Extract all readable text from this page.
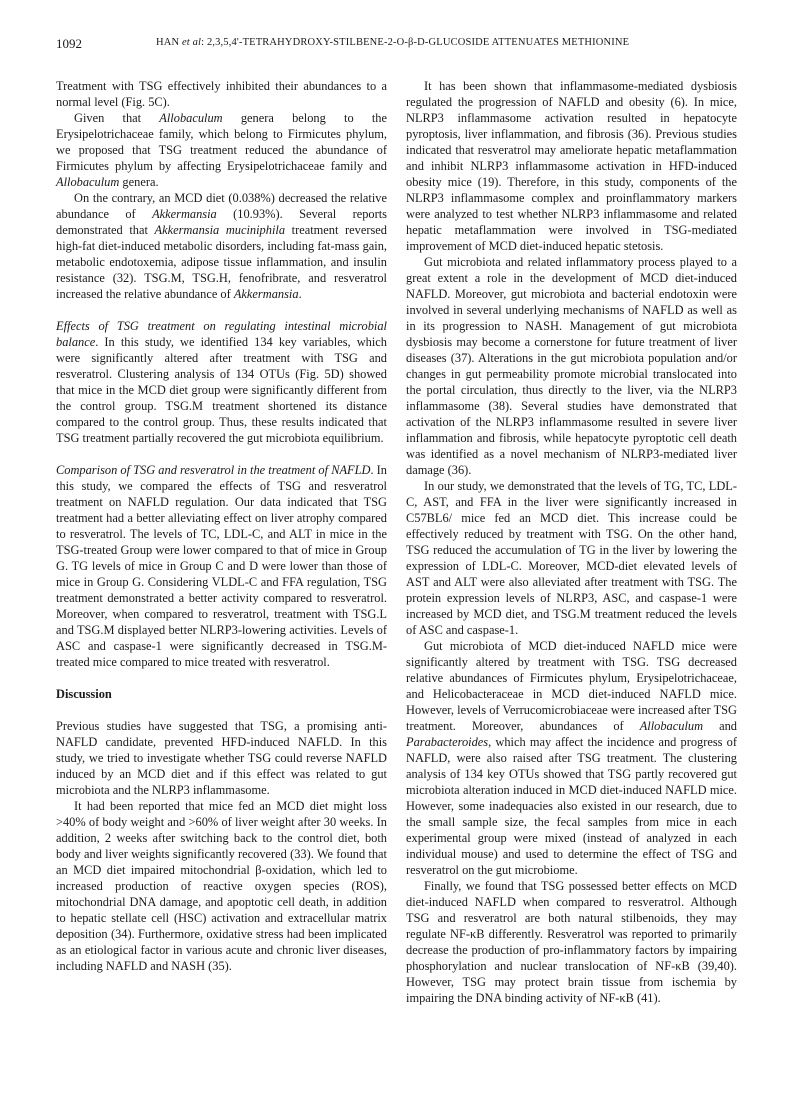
1092	HAN et al: 2,3,5,4'-TETRAHYDROXY-STILBENE-2-O-β-D-GLUCOSIDE ATTENUATES METHIONINE

Treatment with TSG effectively inhibited their abundances to a normal level (Fig. 5C).

Given that Allobaculum genera belong to the Erysipelotrichaceae family, which belong to Firmicutes phylum, we proposed that TSG treatment reduced the abundance of Firmicutes phylum by affecting Erysipelotrichaceae family and Allobaculum genera.

On the contrary, an MCD diet (0.038%) decreased the relative abundance of Akkermansia (10.93%). Several reports demonstrated that Akkermansia muciniphila treatment reversed high-fat diet-induced metabolic disorders, including fat-mass gain, metabolic endotoxemia, adipose tissue inflammation, and insulin resistance (32). TSG.M, TSG.H, fenofribrate, and resveratrol increased the relative abundance of Akkermansia.

Effects of TSG treatment on regulating intestinal microbial balance. In this study, we identified 134 key variables, which were significantly altered after treatment with TSG and resveratrol. Clustering analysis of 134 OTUs (Fig. 5D) showed that mice in the MCD diet group were significantly different from the control group. TSG.M treatment shortened its distance compared to the control group. Thus, these results indicated that TSG treatment partially recovered the gut microbiota equilibrium.

Comparison of TSG and resveratrol in the treatment of NAFLD. In this study, we compared the effects of TSG and resveratrol treatment on NAFLD regulation. Our data indicated that TSG treatment had a better alleviating effect on liver atrophy compared to resveratrol. The levels of TC, LDL-C, and ALT in mice in the TSG-treated Group were lower compared to that of mice in Group G. TG levels of mice in Group C and D were lower than those of mice in Group G. Considering VLDL-C and FFA regulation, TSG treatment demonstrated a better activity compared to resveratrol. Moreover, when compared to resveratrol, treatment with TSG.L and TSG.M displayed better NLRP3-lowering activities. Levels of ASC and caspase-1 were significantly decreased in TSG.M-treated mice compared to mice treated with resveratrol.

Discussion

Previous studies have suggested that TSG, a promising anti-NAFLD candidate, prevented HFD-induced NAFLD. In this study, we tried to investigate whether TSG could reverse NAFLD induced by an MCD diet and if this effect was related to gut microbiota and the NLRP3 inflammasome.

It had been reported that mice fed an MCD diet might loss >40% of body weight and >60% of liver weight after 30 weeks. In addition, 2 weeks after switching back to the control diet, both body and liver weights significantly recovered (33). We found that an MCD diet impaired mitochondrial β-oxidation, which led to increased production of reactive oxygen species (ROS), mitochondrial DNA damage, and apoptotic cell death, in addition to hepatic stellate cell (HSC) activation and extracellular matrix deposition (34). Furthermore, oxidative stress had been implicated as an etiological factor in various acute and chronic liver diseases, including NAFLD and NASH (35).

It has been shown that inflammasome-mediated dysbiosis regulated the progression of NAFLD and obesity (6). In mice, NLRP3 inflammasome activation resulted in hepatocyte pyroptosis, liver inflammation, and fibrosis (36). Previous studies indicated that resveratrol may ameliorate hepatic metaflammation and inhibit NLRP3 inflammasome activation in HFD-induced obesity mice (19). Therefore, in this study, components of the NLRP3 inflammasome complex and proinflammatory markers were analyzed to test whether NLRP3 inflammasome and related hepatic metaflammation were involved in TSG-mediated improvement of MCD diet-induced hepatic stetosis.

Gut microbiota and related inflammatory process played to a great extent a role in the development of MCD diet-induced NAFLD. Moreover, gut microbiota and bacterial endotoxin were involved in several underlying mechanisms of NAFLD as well as in its progression to NASH. Management of gut microbiota dysbiosis may become a cornerstone for future treatment of liver diseases (37). Alterations in the gut microbiota population and/or changes in gut permeability promote microbial translocated into the portal circulation, thus directly to the liver, via the NLRP3 inflammasome (38). Several studies have demonstrated that activation of the NLRP3 inflammasome resulted in severe liver inflammation and fibrosis, while hepatocyte pyroptotic cell death was identified as a novel mechanism of NLRP3-mediated liver damage (36).

In our study, we demonstrated that the levels of TG, TC, LDL-C, AST, and FFA in the liver were significantly increased in C57BL6/ mice fed an MCD diet. This increase could be effectively reduced by treatment with TSG. On the other hand, TSG reduced the accumulation of TG in the liver by lowering the expression of LDL-C. Moreover, MCD-diet elevated levels of AST and ALT were also alleviated after treatment with TSG. The protein expression levels of NLRP3, ASC, and caspase-1 were increased by MCD diet, and TSG.M treatment reduced the levels of ASC and caspase-1.

Gut microbiota of MCD diet-induced NAFLD mice were significantly altered by treatment with TSG. TSG decreased relative abundances of Firmicutes phylum, Erysipelotrichaceae, and Helicobacteraceae in MCD diet-induced NAFLD mice. However, levels of Verrucomicrobiaceae were increased after TSG treatment. Moreover, abundances of Allobaculum and Parabacteroides, which may affect the incidence and progress of NAFLD, were also raised after TSG treatment. The clustering analysis of 134 key OTUs showed that TSG partly recovered gut microbiota alteration induced in MCD diet-induced NAFLD mice. However, some inadequacies also existed in our research, due to the small sample size, the fecal samples from mice in each experimental group were mixed (instead of analyzed in each individual mouse) and used to determine the effect of TSG and resveratrol on the gut microbiome.

Finally, we found that TSG possessed better effects on MCD diet-induced NAFLD when compared to resveratrol. Although TSG and resveratrol are both natural stilbenoids, they may regulate NF-κB differently. Resveratrol was reported to primarily decrease the production of pro-inflammatory factors by impairing phosphorylation and nuclear translocation of NF-κB (39,40). However, TSG may protect brain tissue from ischemia by impairing the DNA binding activity of NF-κB (41).
